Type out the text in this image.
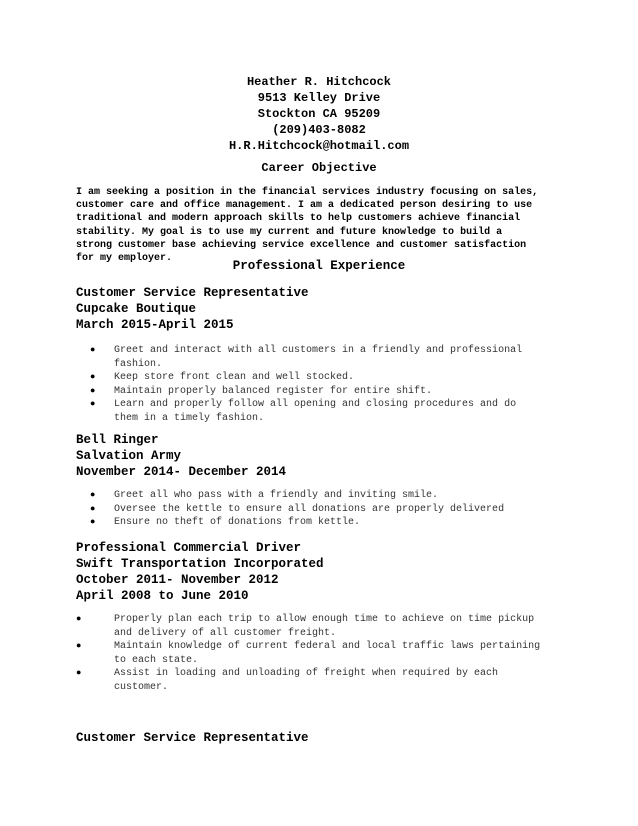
Heather R. Hitchcock
9513 Kelley Drive
Stockton CA 95209
(209)403-8082
H.R.Hitchcock@hotmail.com
Career Objective
I am seeking a position in the financial services industry focusing on sales,
customer care and office management. I am a dedicated person desiring to use
traditional and modern approach skills to help customers achieve financial
stability. My goal is to use my current and future knowledge to build a
strong customer base achieving service excellence and customer satisfaction
for my employer.
Professional Experience
Customer Service Representative
Cupcake Boutique
March 2015-April 2015
● Greet and interact with all customers in a friendly and professional
fashion.
● Keep store front clean and well stocked.
● Maintain properly balanced register for entire shift.
● Learn and properly follow all opening and closing procedures and do
them in a timely fashion.
Bell Ringer
Salvation Army
November 2014- December 2014
● Greet all who pass with a friendly and inviting smile.
● Oversee the kettle to ensure all donations are properly delivered
● Ensure no theft of donations from kettle.
Professional Commercial Driver
Swift Transportation Incorporated
October 2011- November 2012
April 2008 to June 2010
●	Properly plan each trip to allow enough time to achieve on time pickup
and delivery of all customer freight.
●	Maintain knowledge of current federal and local traffic laws pertaining
to each state.
●	Assist in loading and unloading of freight when required by each
customer.
Customer Service Representative
